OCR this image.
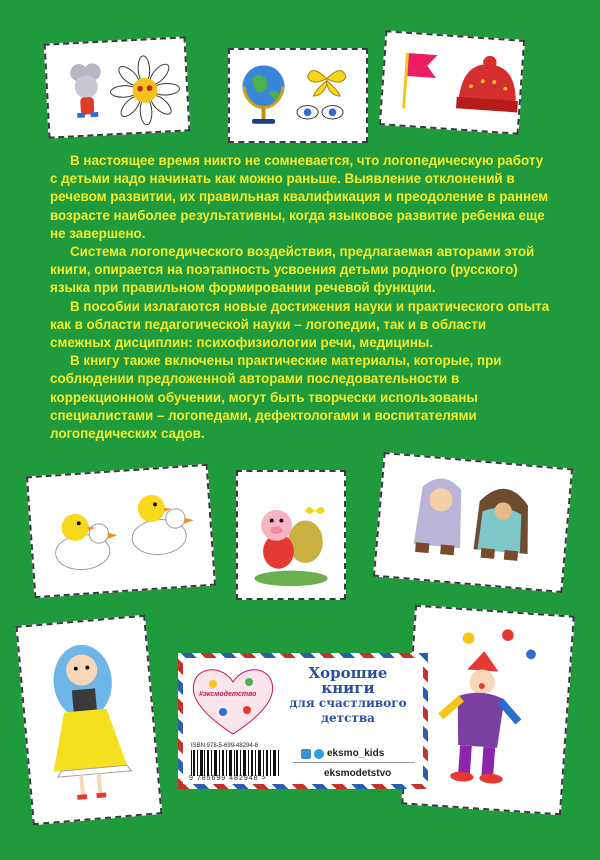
В настоящее время никто не сомневается, что логопедическую работу с детьми надо начинать как можно раньше. Выявление отклонений в речевом развитии, их правильная квалификация и преодоление в раннем возрасте наиболее результативны, когда языковое развитие ребенка еще не завершено.

Система логопедического воздействия, предлагаемая авторами этой книги, опирается на поэтапность усвоения детьми родного (русского) языка при правильном формировании речевой функции.

В пособии излагаются новые достижения науки и практического опыта как в области педагогической науки – логопедии, так и в области смежных дисциплин: психофизиологии речи, медицины.

В книгу также включены практические материалы, которые, при соблюдении предложенной авторами последовательности в коррекционном обучении, могут быть творчески использованы специалистами – логопедами, дефектологами и воспитателями логопедических садов.

#эксмодетство
Хорошие
книги
для счастливого
детства
ISBN 978-5-699-48294-8
9 785699 482948 >
eksmo_kids
eksmodetstvo
